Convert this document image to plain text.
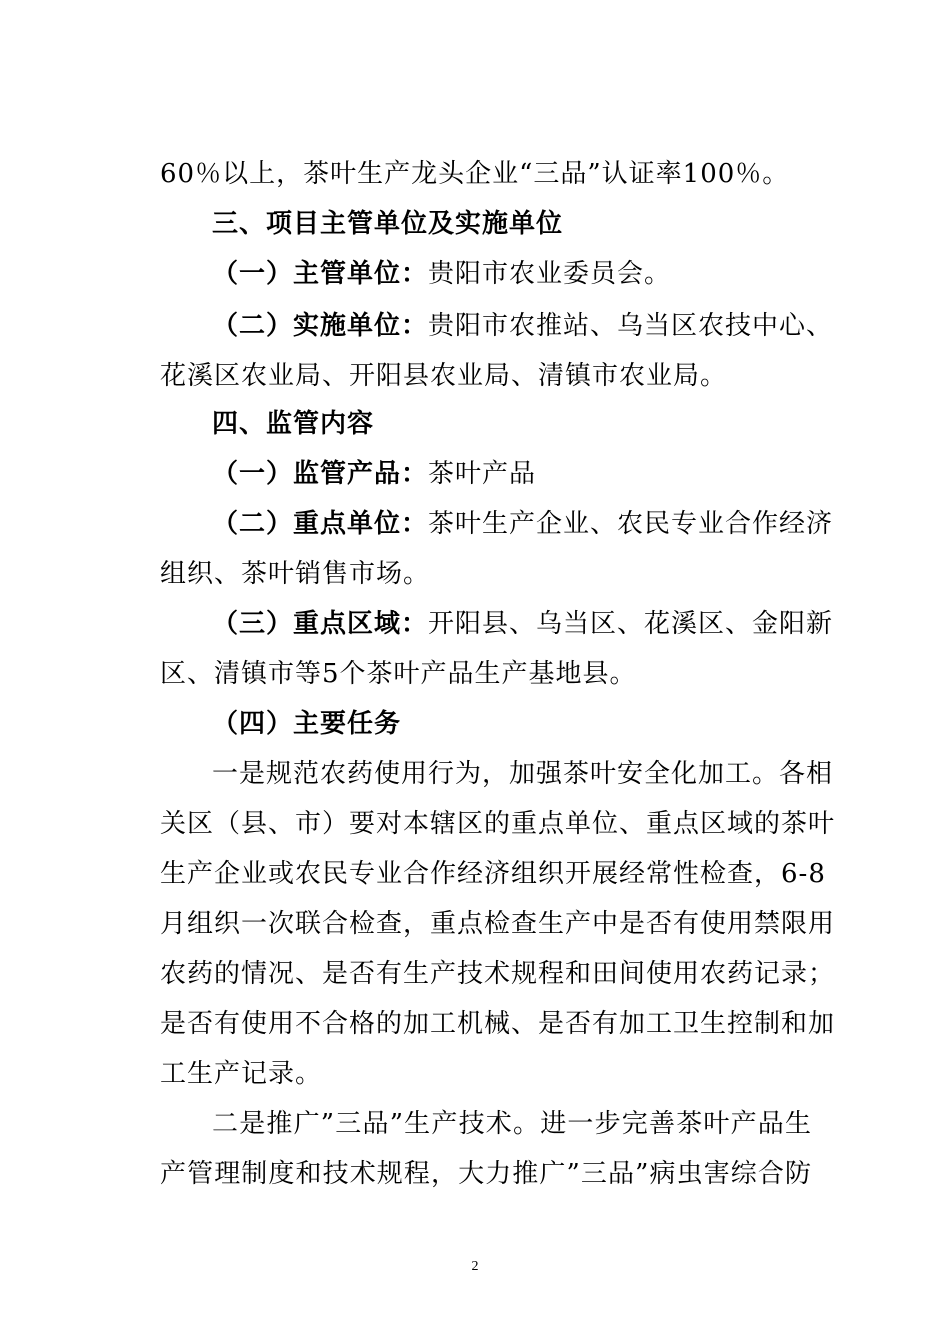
60％以上，茶叶生产龙头企业“三品”认证率100％。
三、项目主管单位及实施单位
（一）主管单位：贵阳市农业委员会。
（二）实施单位：贵阳市农推站、乌当区农技中心、
花溪区农业局、开阳县农业局、清镇市农业局。
四、监管内容
（一）监管产品：茶叶产品
（二）重点单位：茶叶生产企业、农民专业合作经济
组织、茶叶销售市场。
（三）重点区域：开阳县、乌当区、花溪区、金阳新
区、清镇市等5个茶叶产品生产基地县。
（四）主要任务
一是规范农药使用行为，加强茶叶安全化加工。各相
关区（县、市）要对本辖区的重点单位、重点区域的茶叶
生产企业或农民专业合作经济组织开展经常性检查，6-8
月组织一次联合检查，重点检查生产中是否有使用禁限用
农药的情况、是否有生产技术规程和田间使用农药记录；
是否有使用不合格的加工机械、是否有加工卫生控制和加
工生产记录。
二是推广”三品”生产技术。进一步完善茶叶产品生
产管理制度和技术规程，大力推广”三品”病虫害综合防
2
